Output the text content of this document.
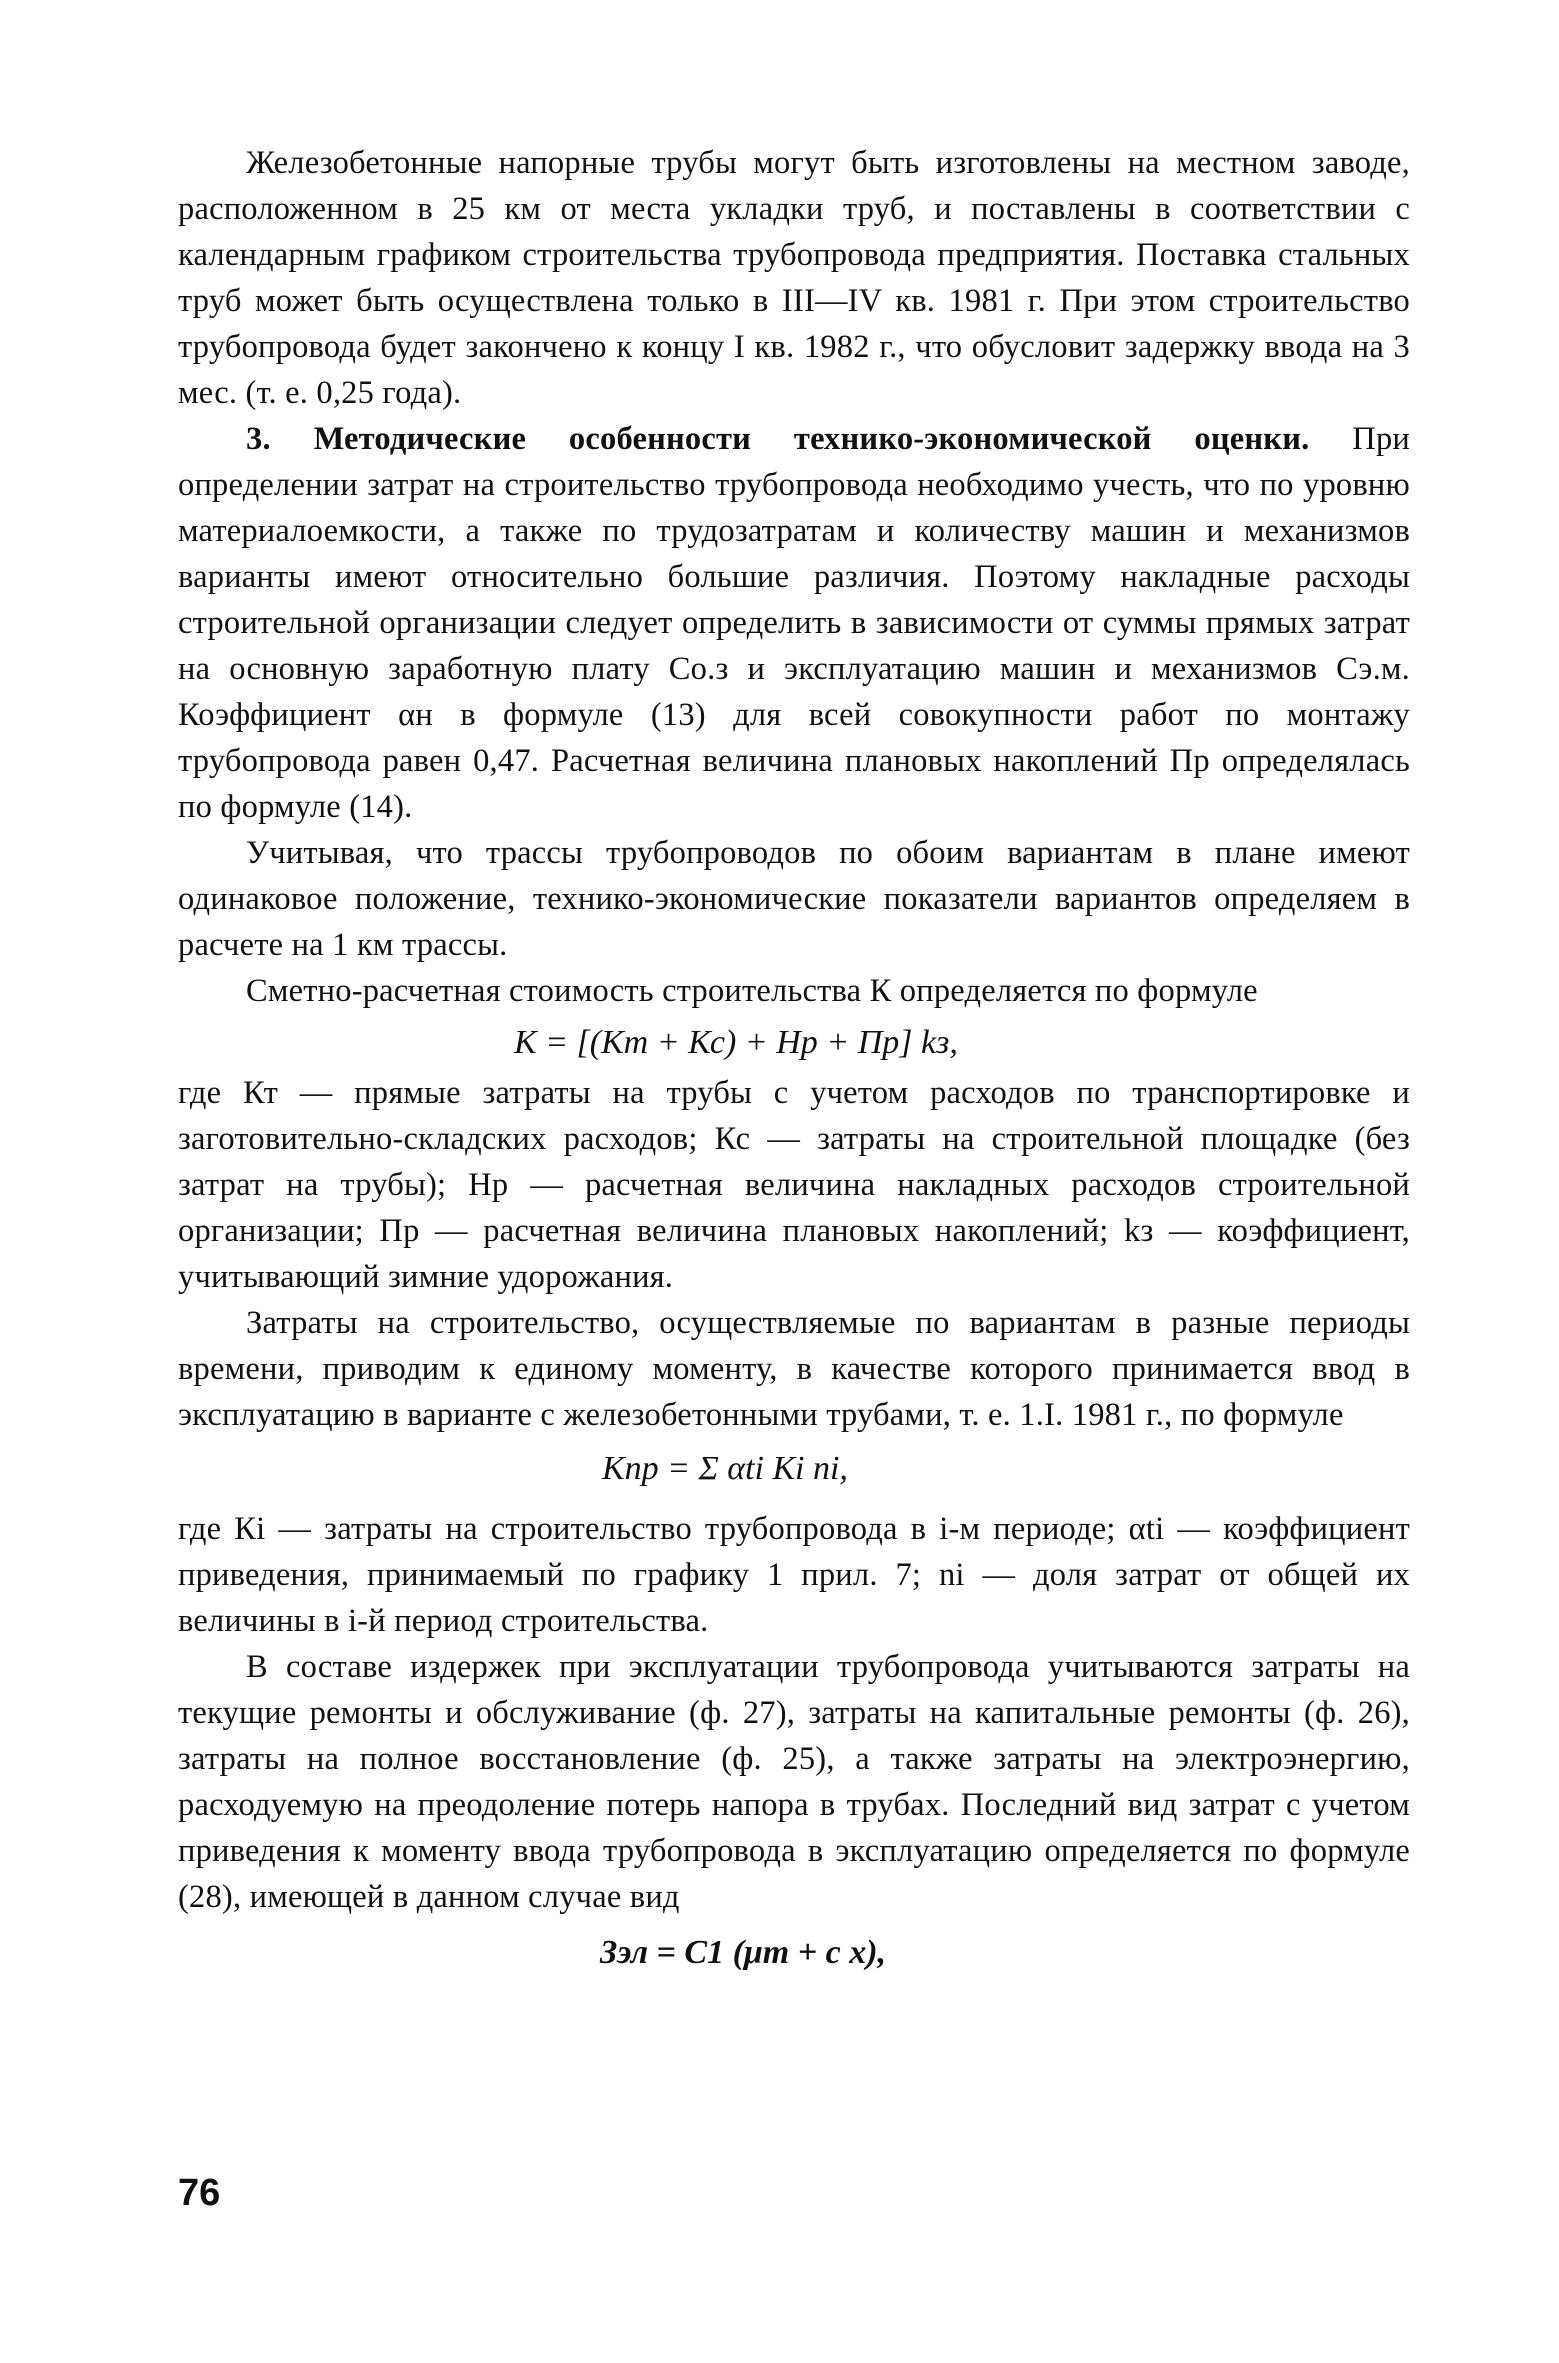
Железобетонные напорные трубы могут быть изготовлены на местном заводе, расположенном в 25 км от места укладки труб, и поставлены в соответствии с календарным графиком строительства трубопровода предприятия. Поставка стальных труб может быть осуществлена только в III—IV кв. 1981 г. При этом строительство трубопровода будет закончено к концу I кв. 1982 г., что обусловит задержку ввода на 3 мес. (т. е. 0,25 года).

3. Методические особенности технико-экономической оценки. При определении затрат на строительство трубопровода необходимо учесть, что по уровню материалоемкости, а также по трудозатратам и количеству машин и механизмов варианты имеют относительно большие различия. Поэтому накладные расходы строительной организации следует определить в зависимости от суммы прямых затрат на основную заработную плату Со.з и эксплуатацию машин и механизмов Сэ.м. Коэффициент αн в формуле (13) для всей совокупности работ по монтажу трубопровода равен 0,47. Расчетная величина плановых накоплений Пр определялась по формуле (14).

Учитывая, что трассы трубопроводов по обоим вариантам в плане имеют одинаковое положение, технико-экономические показатели вариантов определяем в расчете на 1 км трассы.

Сметно-расчетная стоимость строительства К определяется по формуле

К = [(Кт + Кс) + Нр + Пр] kз,

где Кт — прямые затраты на трубы с учетом расходов по транспортировке и заготовительно-складских расходов; Кс — затраты на строительной площадке (без затрат на трубы); Нр — расчетная величина накладных расходов строительной организации; Пр — расчетная величина плановых накоплений; kз — коэффициент, учитывающий зимние удорожания.

Затраты на строительство, осуществляемые по вариантам в разные периоды времени, приводим к единому моменту, в качестве которого принимается ввод в эксплуатацию в варианте с железобетонными трубами, т. е. 1.I. 1981 г., по формуле

Кпр = Σ αti Кi ni,

где Кi — затраты на строительство трубопровода в i-м периоде; αti — коэффициент приведения, принимаемый по графику 1 прил. 7; ni — доля затрат от общей их величины в i-й период строительства.

В составе издержек при эксплуатации трубопровода учитываются затраты на текущие ремонты и обслуживание (ф. 27), затраты на капитальные ремонты (ф. 26), затраты на полное восстановление (ф. 25), а также затраты на электроэнергию, расходуемую на преодоление потерь напора в трубах. Последний вид затрат с учетом приведения к моменту ввода трубопровода в эксплуатацию определяется по формуле (28), имеющей в данном случае вид

Зэл = С1 (μт + с х),
76
